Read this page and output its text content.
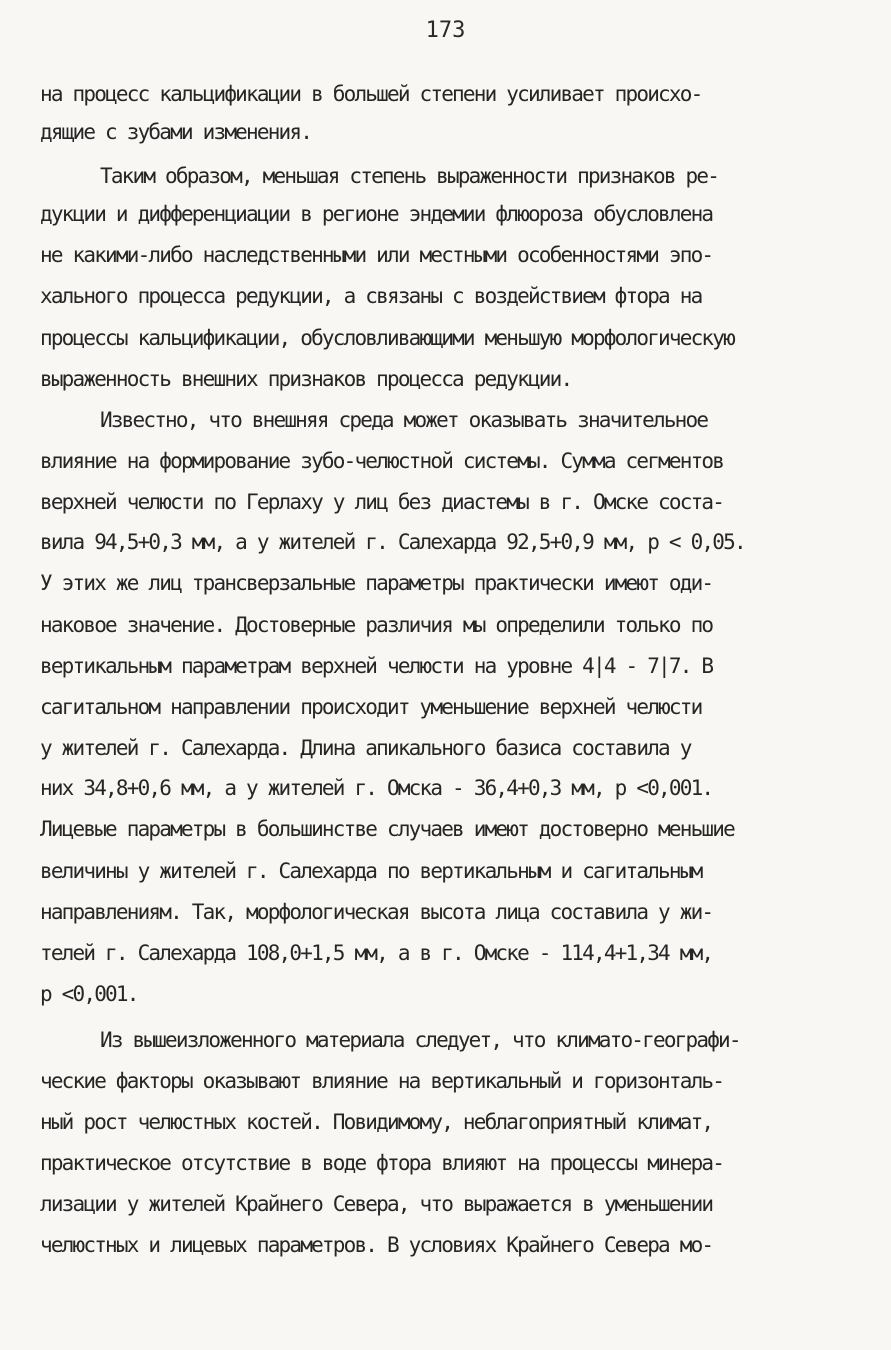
173
на процесс кальцификации в большей степени усиливает происхо-
дящие с зубами изменения.
Таким образом, меньшая степень выраженности признаков ре-
дукции и дифференциации в регионе эндемии флюороза обусловлена
не какими-либо наследственными или местными особенностями эпо-
хального процесса редукции, а связаны с воздействием фтора на
процессы кальцификации, обусловливающими меньшую морфологическую
выраженность внешних признаков процесса редукции.
Известно, что внешняя среда может оказывать значительное
влияние на формирование зубо-челюстной системы. Сумма сегментов
верхней челюсти по Герлаху у лиц без диастемы в г. Омске соста-
вила 94,5+0,3 мм, а у жителей г. Салехарда 92,5+0,9 мм, р < 0,05.
У этих же лиц трансверзальные параметры практически имеют оди-
наковое значение. Достоверные различия мы определили только по
вертикальным параметрам верхней челюсти на уровне 4|4 - 7|7. В
сагитальном направлении происходит уменьшение верхней челюсти
у жителей г. Салехарда. Длина апикального базиса составила у
них 34,8+0,6 мм, а у жителей г. Омска - 36,4+0,3 мм, р <0,001.
Лицевые параметры в большинстве случаев имеют достоверно меньшие
величины у жителей г. Салехарда по вертикальным и сагитальным
направлениям. Так, морфологическая высота лица составила у жи-
телей г. Салехарда 108,0+1,5 мм, а в г. Омске - 114,4+1,34 мм,
р <0,001.
Из вышеизложенного материала следует, что климато-географи-
ческие факторы оказывают влияние на вертикальный и горизонталь-
ный рост челюстных костей. Повидимому, неблагоприятный климат,
практическое отсутствие в воде фтора влияют на процессы минера-
лизации у жителей Крайнего Севера, что выражается в уменьшении
челюстных и лицевых параметров. В условиях Крайнего Севера мо-
